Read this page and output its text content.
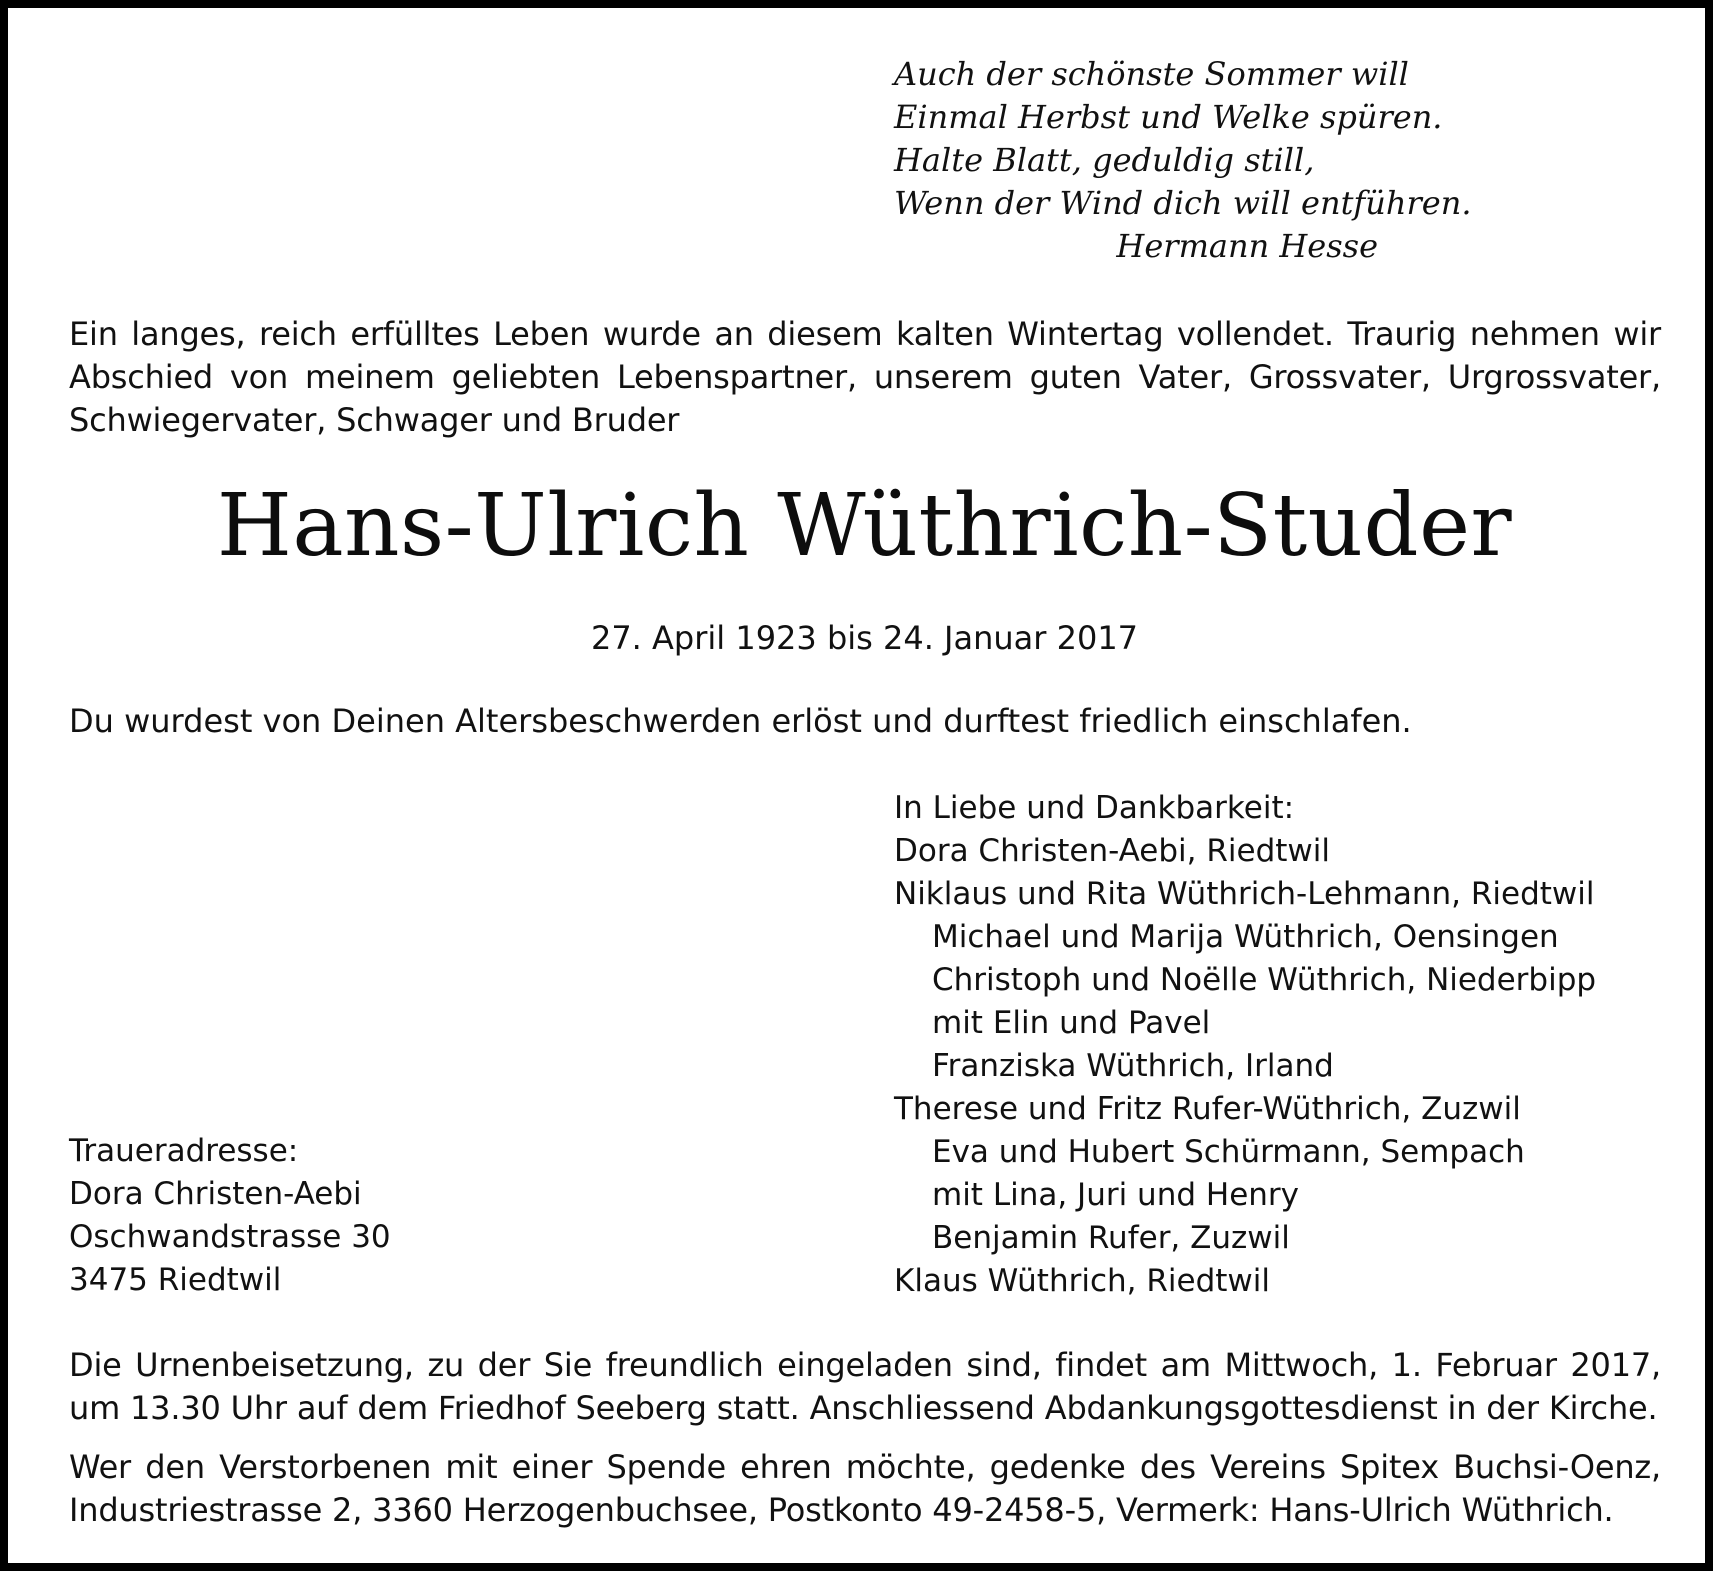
Auch der schönste Sommer will
Einmal Herbst und Welke spüren.
Halte Blatt, geduldig still,
Wenn der Wind dich will entführen.
Hermann Hesse
Ein langes, reich erfülltes Leben wurde an diesem kalten Wintertag vollendet. Traurig nehmen wir Abschied von meinem geliebten Lebenspartner, unserem guten Vater, Grossvater, Urgrossvater, Schwiegervater, Schwager und Bruder
Hans-Ulrich Wüthrich-Studer
27. April 1923 bis 24. Januar 2017
Du wurdest von Deinen Altersbeschwerden erlöst und durftest friedlich einschlafen.
In Liebe und Dankbarkeit:
Dora Christen-Aebi, Riedtwil
Niklaus und Rita Wüthrich-Lehmann, Riedtwil
Michael und Marija Wüthrich, Oensingen
Christoph und Noëlle Wüthrich, Niederbipp
mit Elin und Pavel
Franziska Wüthrich, Irland
Therese und Fritz Rufer-Wüthrich, Zuzwil
Eva und Hubert Schürmann, Sempach
mit Lina, Juri und Henry
Benjamin Rufer, Zuzwil
Klaus Wüthrich, Riedtwil
Traueradresse:
Dora Christen-Aebi
Oschwandstrasse 30
3475 Riedtwil
Die Urnenbeisetzung, zu der Sie freundlich eingeladen sind, findet am Mittwoch, 1. Februar 2017, um 13.30 Uhr auf dem Friedhof Seeberg statt. Anschliessend Abdankungsgottesdienst in der Kirche.
Wer den Verstorbenen mit einer Spende ehren möchte, gedenke des Vereins Spitex Buchsi-Oenz, Industriestrasse 2, 3360 Herzogenbuchsee, Postkonto 49-2458-5, Vermerk: Hans-Ulrich Wüthrich.
